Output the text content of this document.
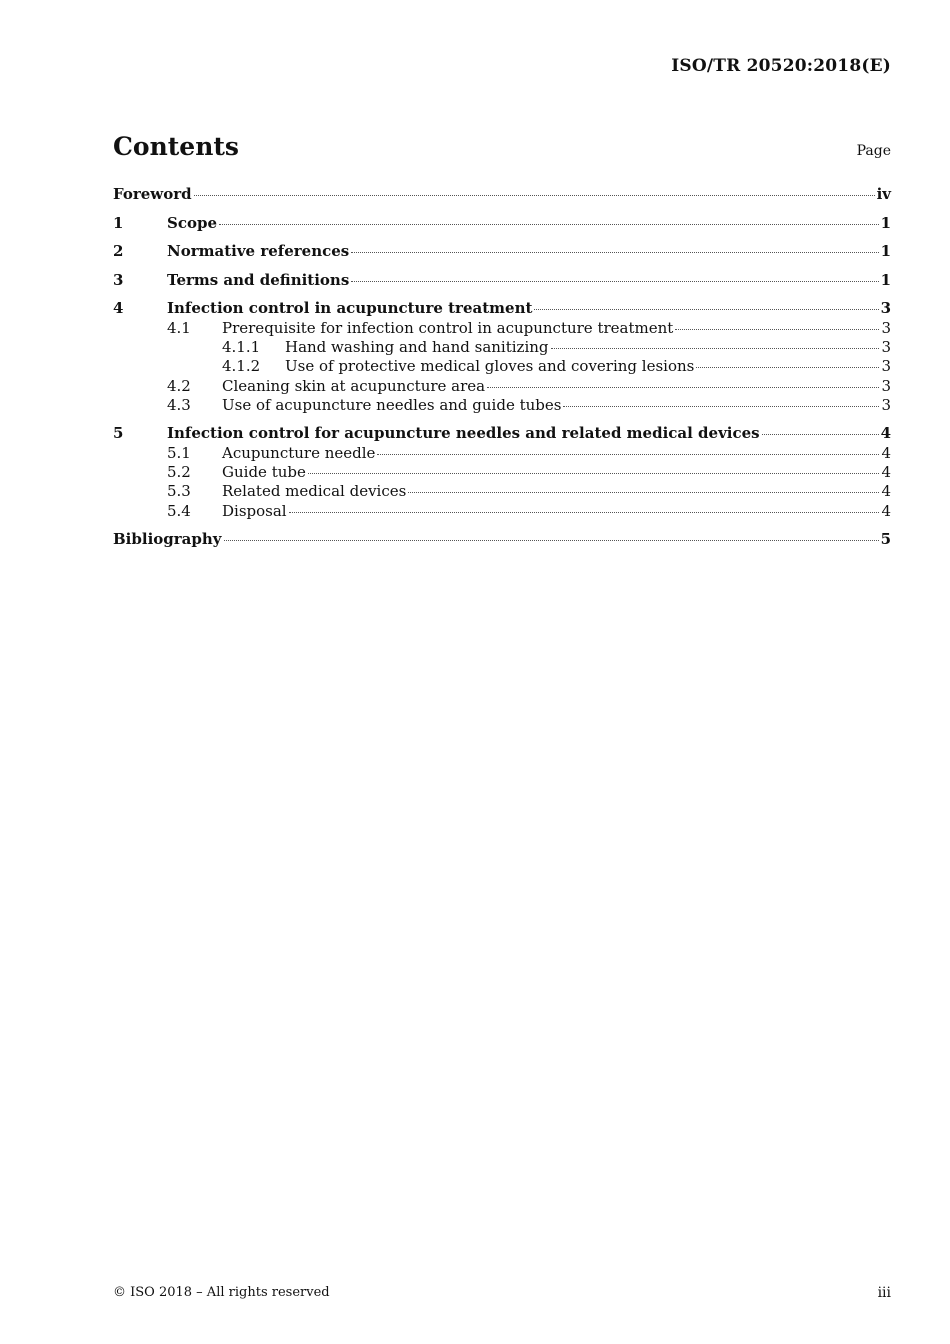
ISO/TR 20520:2018(E)
Contents	Page
Foreword	iv
1	Scope	1
2	Normative references	1
3	Terms and definitions	1
4	Infection control in acupuncture treatment	3
4.1	Prerequisite for infection control in acupuncture treatment	3
4.1.1	Hand washing and hand sanitizing	3
4.1.2	Use of protective medical gloves and covering lesions	3
4.2	Cleaning skin at acupuncture area	3
4.3	Use of acupuncture needles and guide tubes	3
5	Infection control for acupuncture needles and related medical devices	4
5.1	Acupuncture needle	4
5.2	Guide tube	4
5.3	Related medical devices	4
5.4	Disposal	4
Bibliography	5
© ISO 2018 – All rights reserved	iii
